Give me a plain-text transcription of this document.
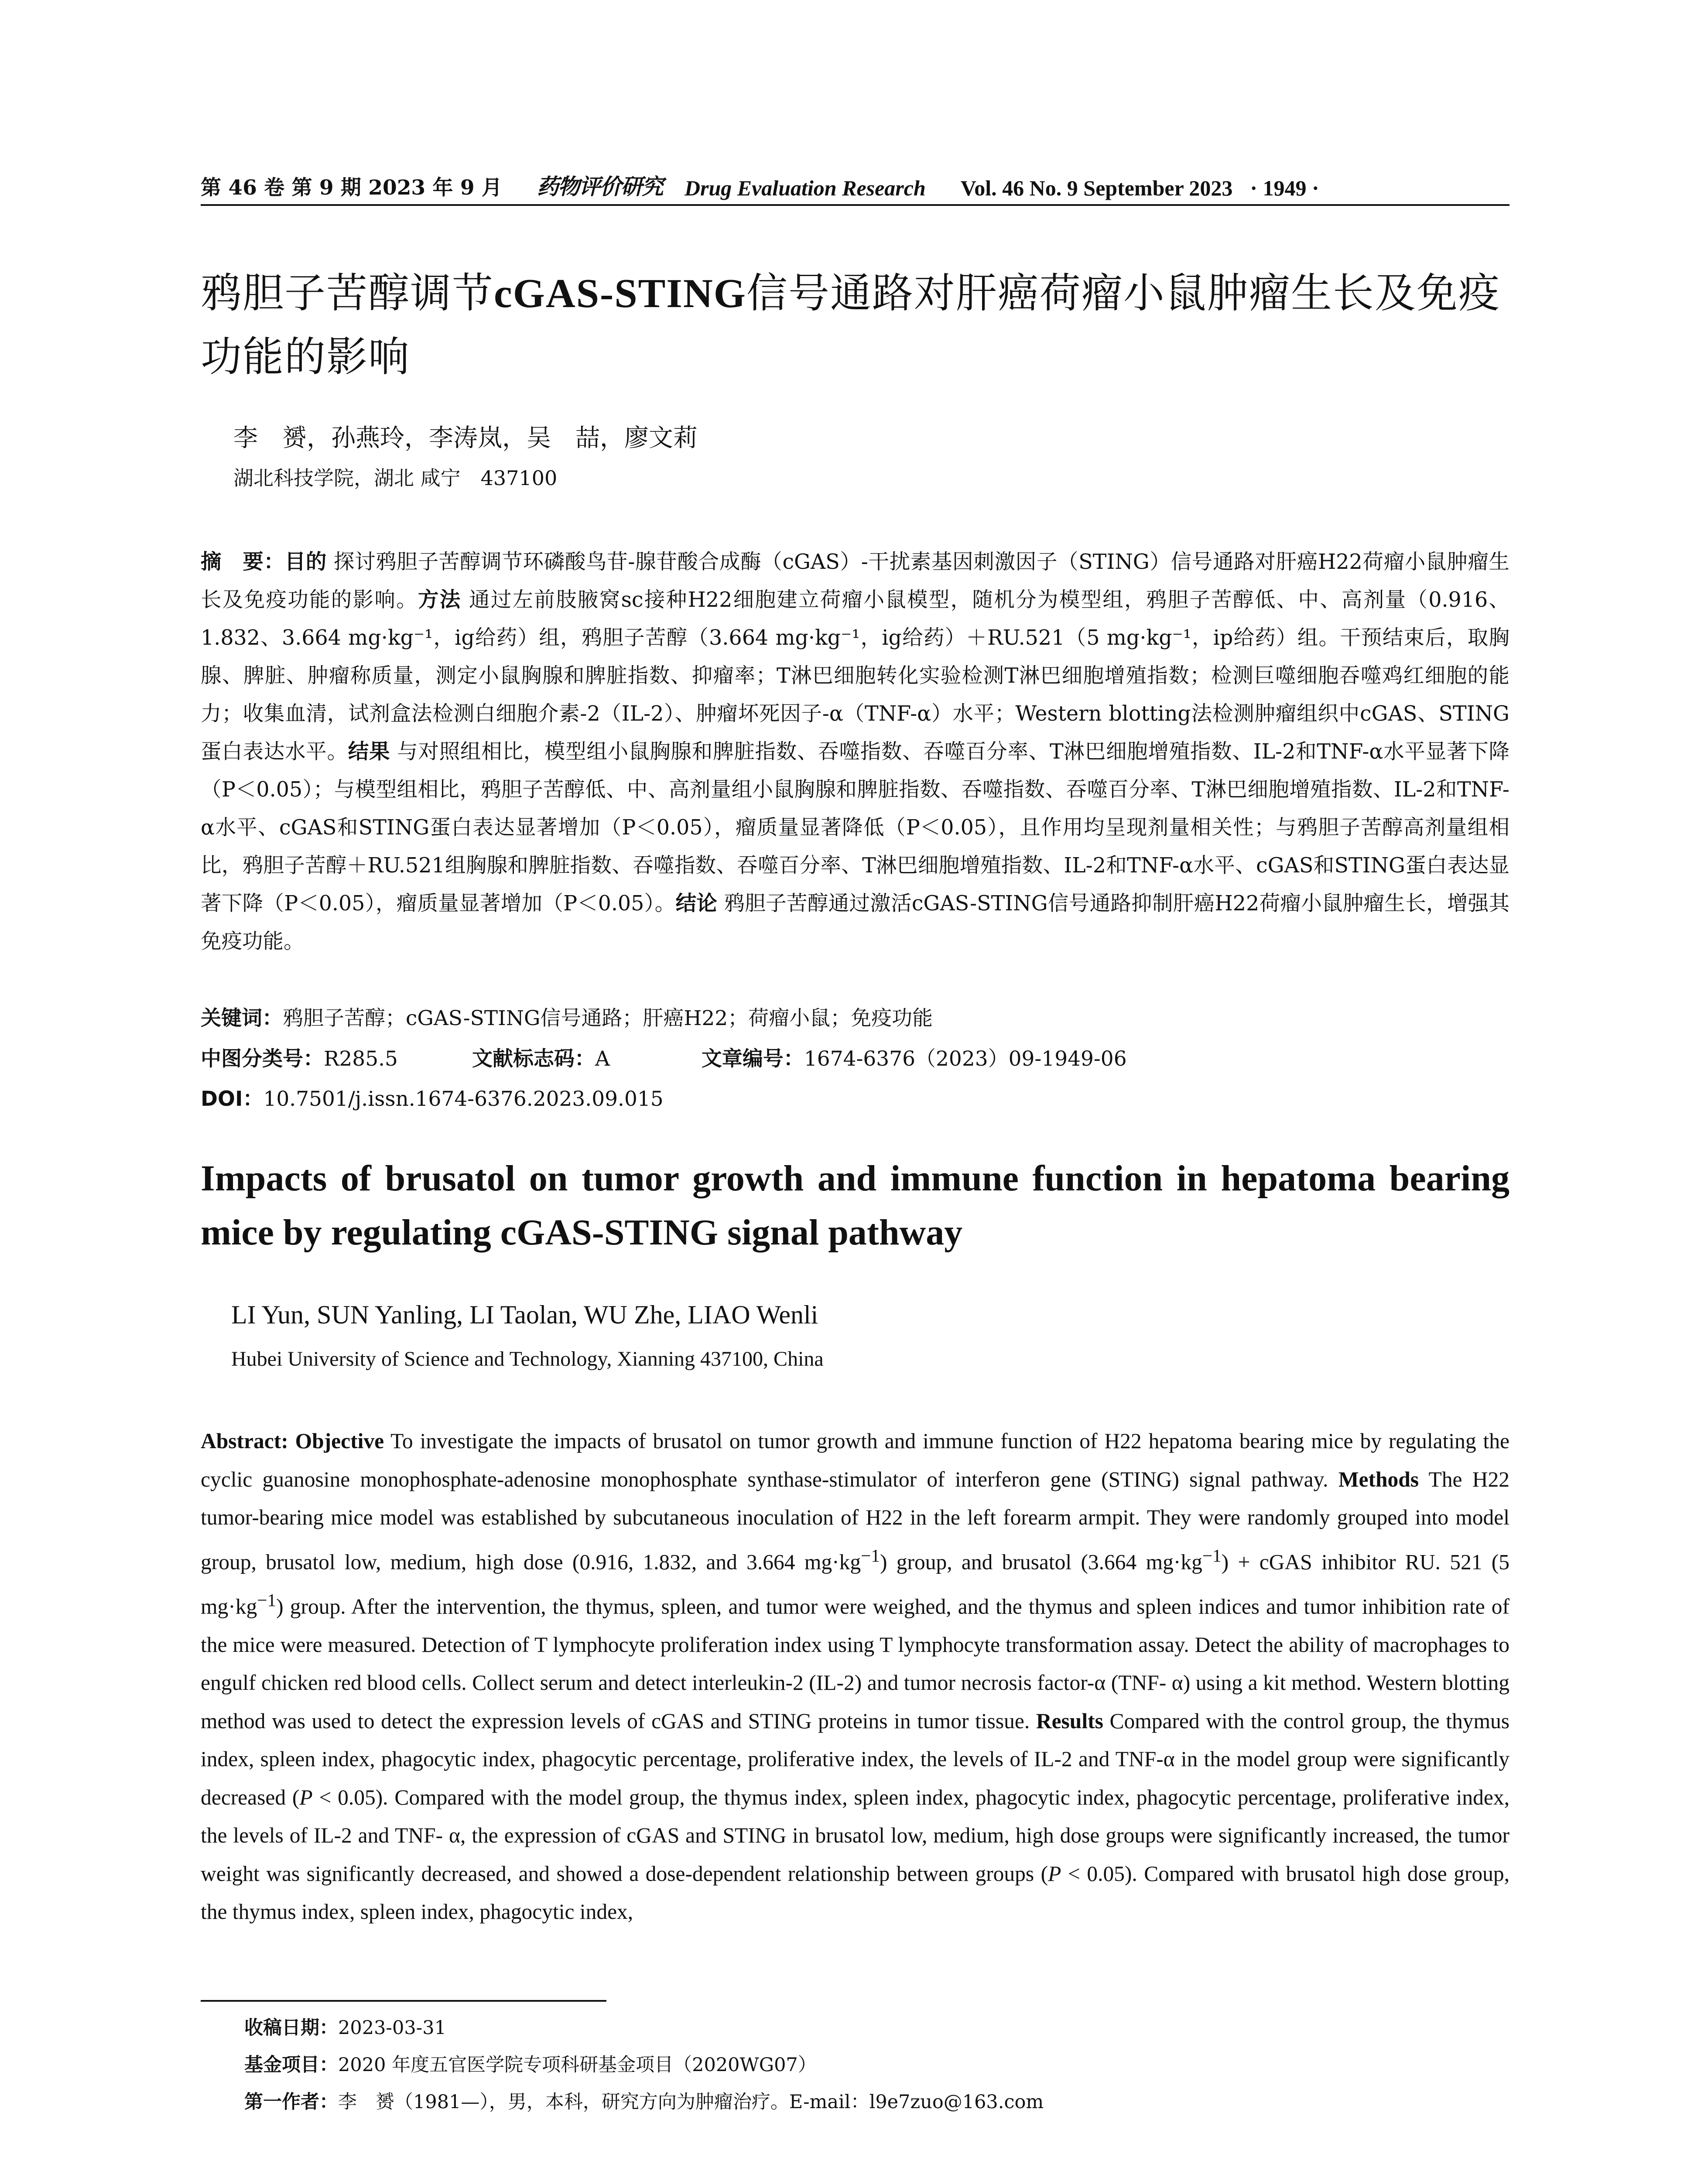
第 46 卷 第 9 期 2023 年 9 月 药物评价研究 Drug Evaluation Research Vol. 46 No. 9 September 2023 · 1949 ·
鸦胆子苦醇调节cGAS-STING信号通路对肝癌荷瘤小鼠肿瘤生长及免疫功能的影响
李　赟，孙燕玲，李涛岚，吴　喆，廖文莉
湖北科技学院，湖北 咸宁　437100
摘　要：目的 探讨鸦胆子苦醇调节环磷酸鸟苷-腺苷酸合成酶（cGAS）-干扰素基因刺激因子（STING）信号通路对肝癌H22荷瘤小鼠肿瘤生长及免疫功能的影响。方法 通过左前肢腋窝sc接种H22细胞建立荷瘤小鼠模型，随机分为模型组，鸦胆子苦醇低、中、高剂量（0.916、1.832、3.664 mg·kg⁻¹，ig给药）组，鸦胆子苦醇（3.664 mg·kg⁻¹，ig给药）＋RU.521（5 mg·kg⁻¹，ip给药）组。干预结束后，取胸腺、脾脏、肿瘤称质量，测定小鼠胸腺和脾脏指数、抑瘤率；T淋巴细胞转化实验检测T淋巴细胞增殖指数；检测巨噬细胞吞噬鸡红细胞的能力；收集血清，试剂盒法检测白细胞介素-2（IL-2）、肿瘤坏死因子-α（TNF-α）水平；Western blotting法检测肿瘤组织中cGAS、STING蛋白表达水平。结果 与对照组相比，模型组小鼠胸腺和脾脏指数、吞噬指数、吞噬百分率、T淋巴细胞增殖指数、IL-2和TNF-α水平显著下降（P＜0.05）；与模型组相比，鸦胆子苦醇低、中、高剂量组小鼠胸腺和脾脏指数、吞噬指数、吞噬百分率、T淋巴细胞增殖指数、IL-2和TNF-α水平、cGAS和STING蛋白表达显著增加（P＜0.05），瘤质量显著降低（P＜0.05），且作用均呈现剂量相关性；与鸦胆子苦醇高剂量组相比，鸦胆子苦醇＋RU.521组胸腺和脾脏指数、吞噬指数、吞噬百分率、T淋巴细胞增殖指数、IL-2和TNF-α水平、cGAS和STING蛋白表达显著下降（P＜0.05），瘤质量显著增加（P＜0.05）。结论 鸦胆子苦醇通过激活cGAS-STING信号通路抑制肝癌H22荷瘤小鼠肿瘤生长，增强其免疫功能。
关键词：鸦胆子苦醇；cGAS-STING信号通路；肝癌H22；荷瘤小鼠；免疫功能
中图分类号：R285.5	文献标志码：A	文章编号：1674-6376（2023）09-1949-06
DOI：10.7501/j.issn.1674-6376.2023.09.015
Impacts of brusatol on tumor growth and immune function in hepatoma bearing mice by regulating cGAS-STING signal pathway
LI Yun, SUN Yanling, LI Taolan, WU Zhe, LIAO Wenli
Hubei University of Science and Technology, Xianning 437100, China
Abstract: Objective To investigate the impacts of brusatol on tumor growth and immune function of H22 hepatoma bearing mice by regulating the cyclic guanosine monophosphate-adenosine monophosphate synthase-stimulator of interferon gene (STING) signal pathway. Methods The H22 tumor-bearing mice model was established by subcutaneous inoculation of H22 in the left forearm armpit. They were randomly grouped into model group, brusatol low, medium, high dose (0.916, 1.832, and 3.664 $mg\cdot kg^{-1}$) group, and brusatol (3.664 $mg\cdot kg^{-1}$) + cGAS inhibitor RU. 521 (5 $mg\cdot kg^{-1}$) group. After the intervention, the thymus, spleen, and tumor were weighed, and the thymus and spleen indices and tumor inhibition rate of the mice were measured. Detection of T lymphocyte proliferation index using T lymphocyte transformation assay. Detect the ability of macrophages to engulf chicken red blood cells. Collect serum and detect interleukin-2 (IL-2) and tumor necrosis factor-α (TNF- α) using a kit method. Western blotting method was used to detect the expression levels of cGAS and STING proteins in tumor tissue. Results Compared with the control group, the thymus index, spleen index, phagocytic index, phagocytic percentage, proliferative index, the levels of IL-2 and TNF-α in the model group were significantly decreased (P < 0.05). Compared with the model group, the thymus index, spleen index, phagocytic index, phagocytic percentage, proliferative index, the levels of IL-2 and TNF- α, the expression of cGAS and STING in brusatol low, medium, high dose groups were significantly increased, the tumor weight was significantly decreased, and showed a dose-dependent relationship between groups (P < 0.05). Compared with brusatol high dose group, the thymus index, spleen index, phagocytic index,
收稿日期：2023-03-31
基金项目：2020 年度五官医学院专项科研基金项目（2020WG07）
第一作者：李　赟（1981—），男，本科，研究方向为肿瘤治疗。E-mail：l9e7zuo@163.com
